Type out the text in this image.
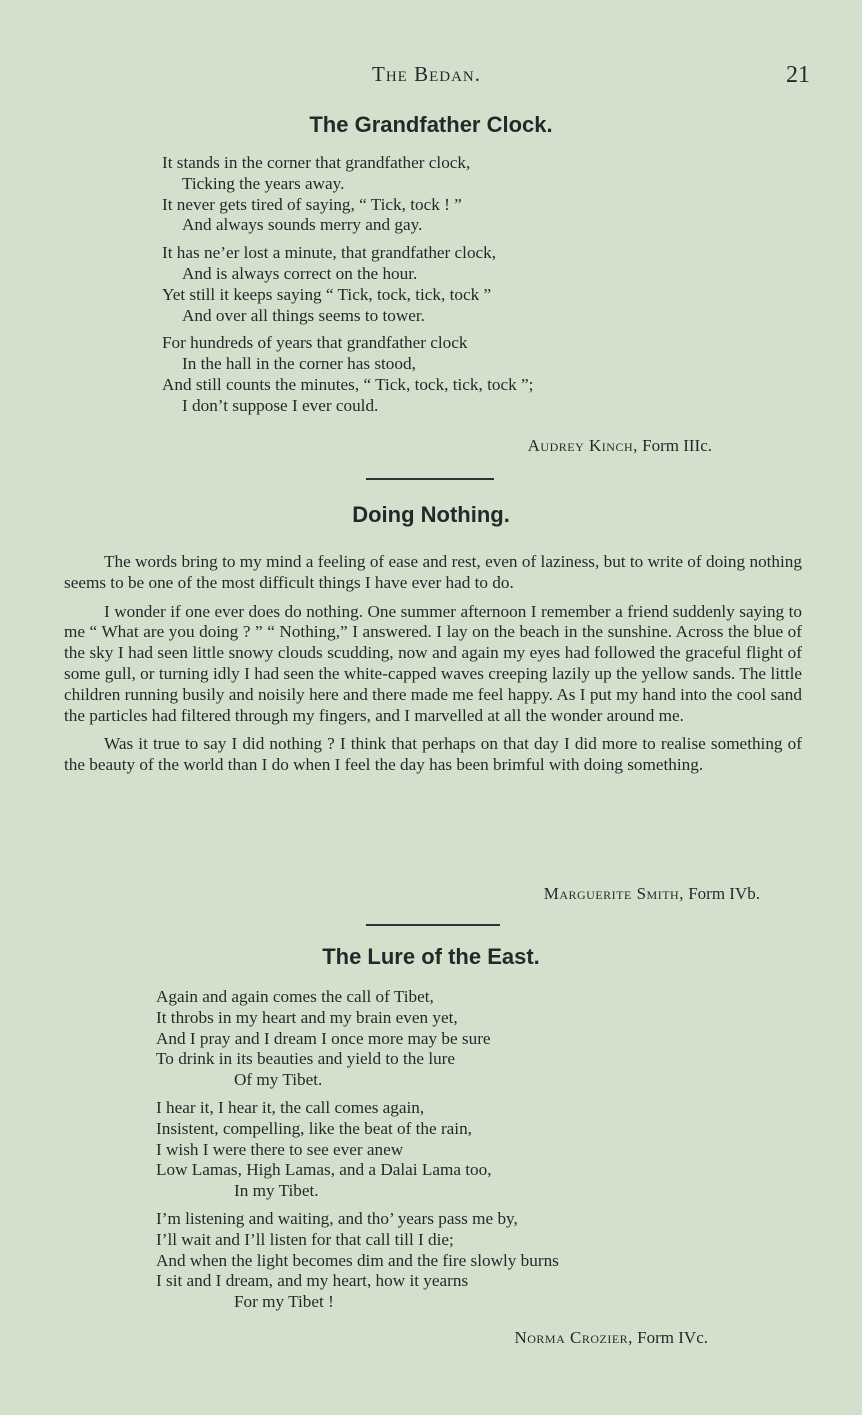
The Bedan.	21
The Grandfather Clock.
It stands in the corner that grandfather clock,
Ticking the years away.
It never gets tired of saying, “ Tick, tock ! ”
And always sounds merry and gay.
It has ne’er lost a minute, that grandfather clock,
And is always correct on the hour.
Yet still it keeps saying “ Tick, tock, tick, tock ”
And over all things seems to tower.
For hundreds of years that grandfather clock
In the hall in the corner has stood,
And still counts the minutes, “ Tick, tock, tick, tock ”;
I don’t suppose I ever could.
Audrey Kinch, Form IIIc.
Doing Nothing.

The words bring to my mind a feeling of ease and rest, even of laziness, but to write of doing nothing seems to be one of the most difficult things I have ever had to do.

I wonder if one ever does do nothing. One summer afternoon I remember a friend suddenly saying to me “ What are you doing ? ” “ Nothing,” I answered. I lay on the beach in the sunshine. Across the blue of the sky I had seen little snowy clouds scudding, now and again my eyes had followed the graceful flight of some gull, or turning idly I had seen the white-capped waves creeping lazily up the yellow sands. The little children running busily and noisily here and there made me feel happy. As I put my hand into the cool sand the particles had filtered through my fingers, and I marvelled at all the wonder around me.

Was it true to say I did nothing ? I think that perhaps on that day I did more to realise something of the beauty of the world than I do when I feel the day has been brimful with doing something.

Marguerite Smith, Form IVb.
The Lure of the East.
Again and again comes the call of Tibet,
It throbs in my heart and my brain even yet,
And I pray and I dream I once more may be sure
To drink in its beauties and yield to the lure
Of my Tibet.
I hear it, I hear it, the call comes again,
Insistent, compelling, like the beat of the rain,
I wish I were there to see ever anew
Low Lamas, High Lamas, and a Dalai Lama too,
In my Tibet.
I’m listening and waiting, and tho’ years pass me by,
I’ll wait and I’ll listen for that call till I die;
And when the light becomes dim and the fire slowly burns
I sit and I dream, and my heart, how it yearns
For my Tibet !
Norma Crozier, Form IVc.
